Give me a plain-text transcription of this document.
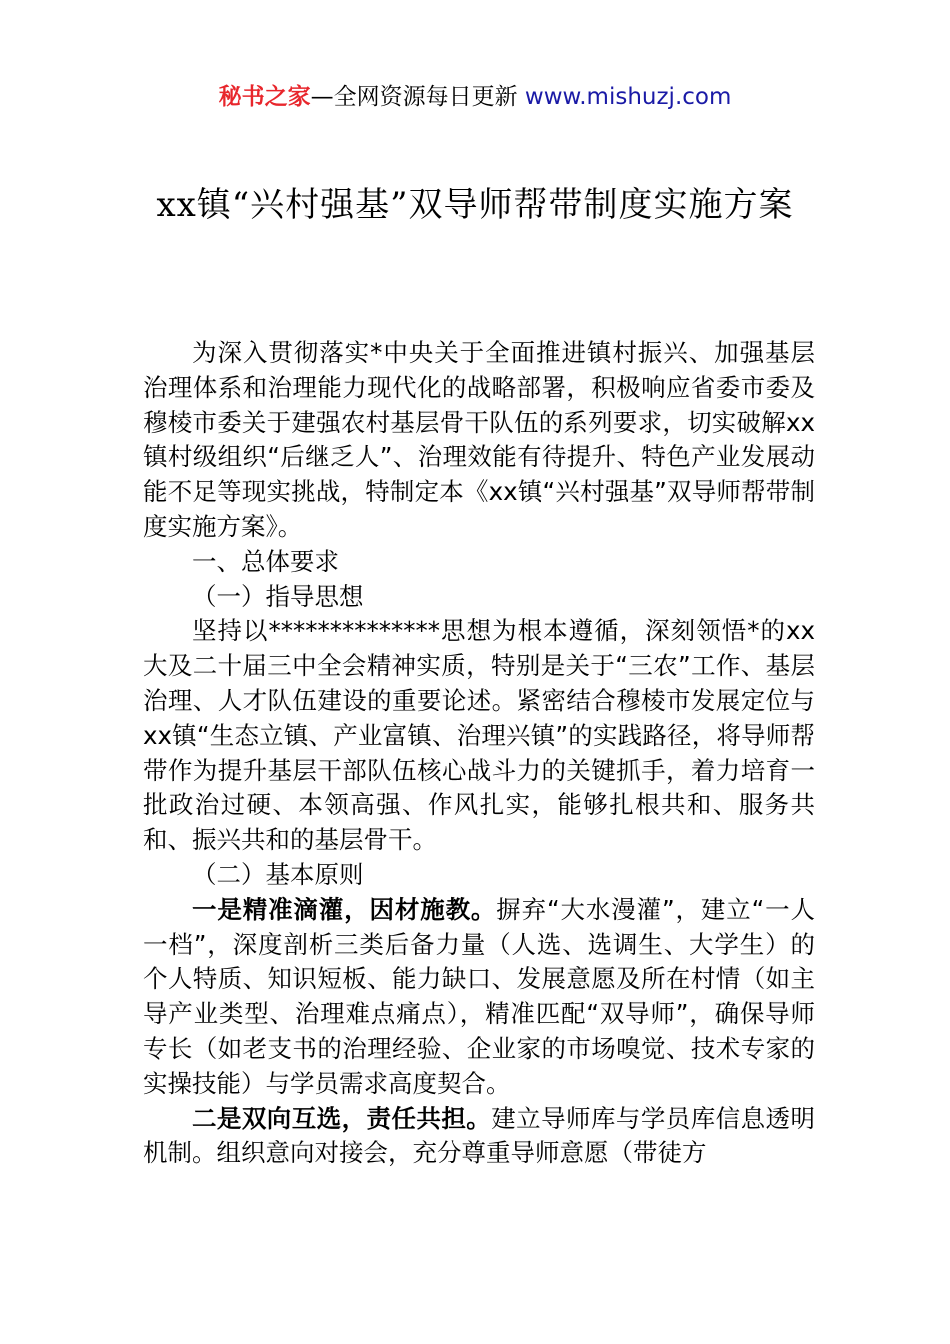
秘书之家—全网资源每日更新 www.mishuzj.com
xx镇“兴村强基”双导师帮带制度实施方案

为深入贯彻落实*中央关于全面推进镇村振兴、加强基层治理体系和治理能力现代化的战略部署，积极响应省委市委及穆棱市委关于建强农村基层骨干队伍的系列要求，切实破解xx镇村级组织“后继乏人”、治理效能有待提升、特色产业发展动能不足等现实挑战，特制定本《xx镇“兴村强基”双导师帮带制度实施方案》。

一、总体要求

（一）指导思想

坚持以**************思想为根本遵循，深刻领悟*的xx大及二十届三中全会精神实质，特别是关于“三农”工作、基层治理、人才队伍建设的重要论述。紧密结合穆棱市发展定位与xx镇“生态立镇、产业富镇、治理兴镇”的实践路径，将导师帮带作为提升基层干部队伍核心战斗力的关键抓手，着力培育一批政治过硬、本领高强、作风扎实，能够扎根共和、服务共和、振兴共和的基层骨干。

（二）基本原则

一是精准滴灌，因材施教。摒弃“大水漫灌”，建立“一人一档”，深度剖析三类后备力量（人选、选调生、大学生）的个人特质、知识短板、能力缺口、发展意愿及所在村情（如主导产业类型、治理难点痛点），精准匹配“双导师”，确保导师专长（如老支书的治理经验、企业家的市场嗅觉、技术专家的实操技能）与学员需求高度契合。

二是双向互选，责任共担。建立导师库与学员库信息透明机制。组织意向对接会，充分尊重导师意愿（带徒方
